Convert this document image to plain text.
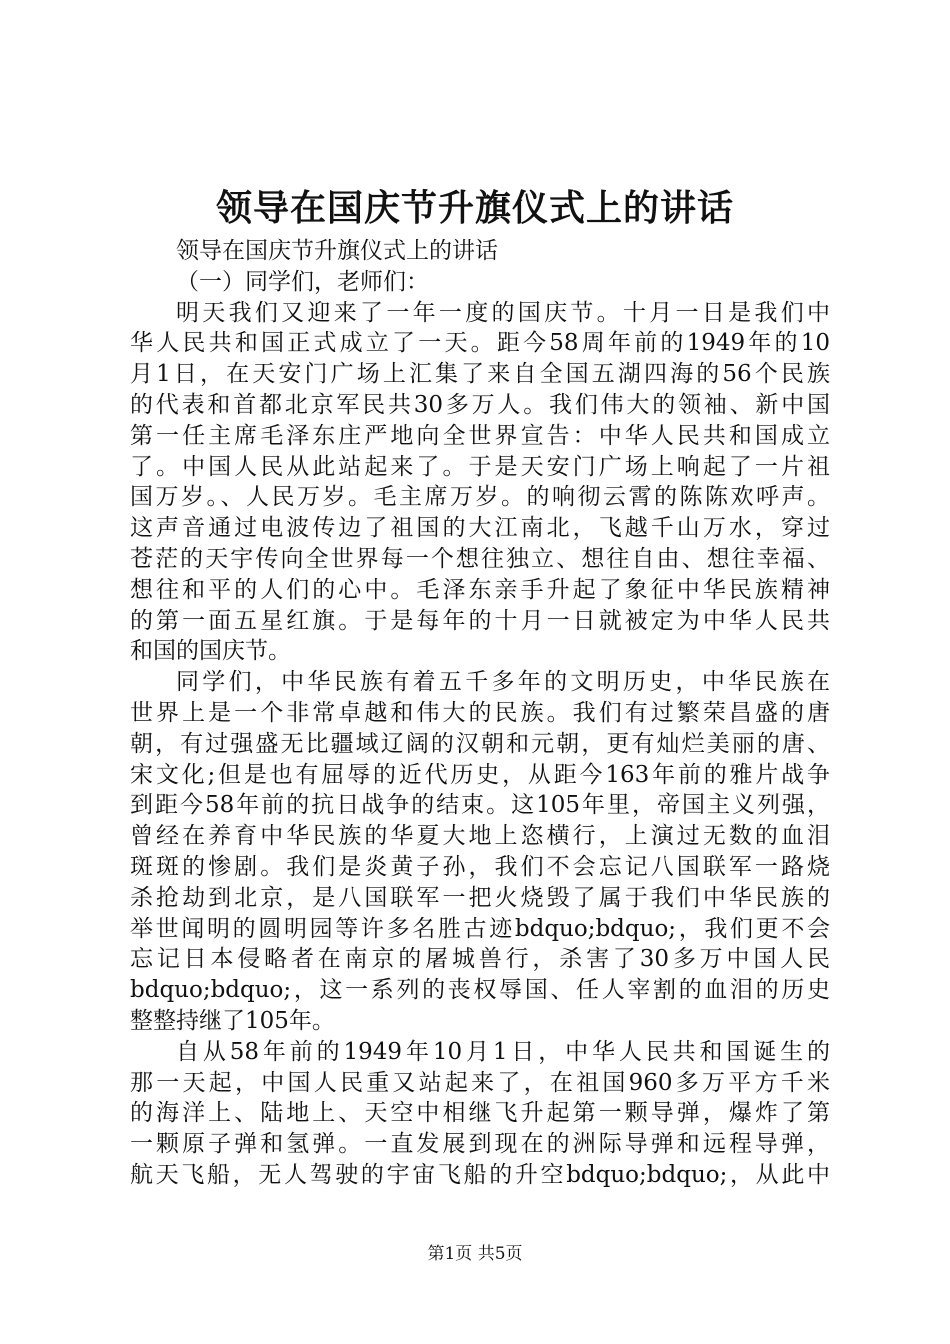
领导在国庆节升旗仪式上的讲话
领导在国庆节升旗仪式上的讲话
（一）同学们，老师们：
明天我们又迎来了一年一度的国庆节。十月一日是我们中
华人民共和国正式成立了一天。距今58周年前的1949年的10
月1日，在天安门广场上汇集了来自全国五湖四海的56个民族
的代表和首都北京军民共30多万人。我们伟大的领袖、新中国
第一任主席毛泽东庄严地向全世界宣告：中华人民共和国成立
了。中国人民从此站起来了。于是天安门广场上响起了一片祖
国万岁。、人民万岁。毛主席万岁。的响彻云霄的陈陈欢呼声。
这声音通过电波传边了祖国的大江南北，飞越千山万水，穿过
苍茫的天宇传向全世界每一个想往独立、想往自由、想往幸福、
想往和平的人们的心中。毛泽东亲手升起了象征中华民族精神
的第一面五星红旗。于是每年的十月一日就被定为中华人民共
和国的国庆节。
同学们，中华民族有着五千多年的文明历史，中华民族在
世界上是一个非常卓越和伟大的民族。我们有过繁荣昌盛的唐
朝，有过强盛无比疆域辽阔的汉朝和元朝，更有灿烂美丽的唐、
宋文化;但是也有屈辱的近代历史，从距今163年前的雅片战争
到距今58年前的抗日战争的结束。这105年里，帝国主义列强，
曾经在养育中华民族的华夏大地上恣横行，上演过无数的血泪
斑斑的惨剧。我们是炎黄子孙，我们不会忘记八国联军一路烧
杀抢劫到北京，是八国联军一把火烧毁了属于我们中华民族的
举世闻明的圆明园等许多名胜古迹bdquo;bdquo;，我们更不会
忘记日本侵略者在南京的屠城兽行，杀害了30多万中国人民
bdquo;bdquo;，这一系列的丧权辱国、任人宰割的血泪的历史
整整持继了105年。
自从58年前的1949年10月1日，中华人民共和国诞生的
那一天起，中国人民重又站起来了，在祖国960多万平方千米
的海洋上、陆地上、天空中相继飞升起第一颗导弹，爆炸了第
一颗原子弹和氢弹。一直发展到现在的洲际导弹和远程导弹，
航天飞船，无人驾驶的宇宙飞船的升空bdquo;bdquo;，从此中
第1页 共5页
